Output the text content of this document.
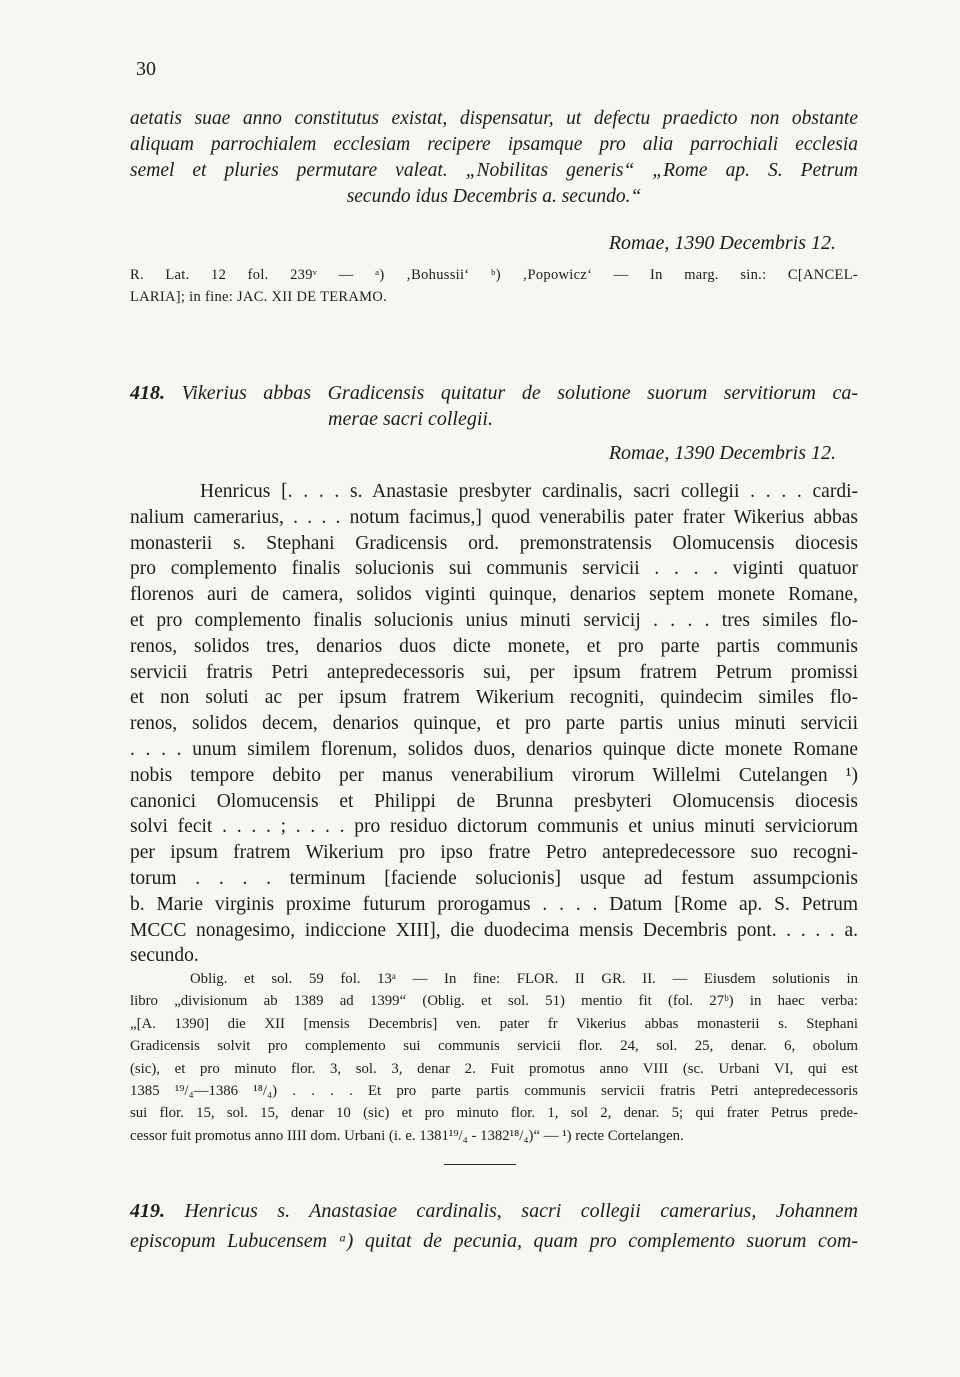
30
aetatis suae anno constitutus existat, dispensatur, ut defectu praedicto non obstante
aliquam parrochialem ecclesiam recipere ipsamque pro alia parrochiali ecclesia
semel et pluries permutare valeat. „Nobilitas generis“ „Rome ap. S. Petrum
secundo idus Decembris a. secundo.“
Romae, 1390 Decembris 12.
R. Lat. 12 fol. 239ᵛ — ᵃ) ‚Bohussii‘ ᵇ) ‚Popowicz‘ — In marg. sin.: C[ANCEL-
LARIA]; in fine: JAC. XII DE TERAMO.
418. Vikerius abbas Gradicensis quitatur de solutione suorum servitiorum ca-
merae sacri collegii.
Romae, 1390 Decembris 12.
Henricus [. . . . s. Anastasie presbyter cardinalis, sacri collegii . . . . cardi-
nalium camerarius, . . . . notum facimus,] quod venerabilis pater frater Wikerius abbas
monasterii s. Stephani Gradicensis ord. premonstratensis Olomucensis diocesis
pro complemento finalis solucionis sui communis servicii . . . . viginti quatuor
florenos auri de camera, solidos viginti quinque, denarios septem monete Romane,
et pro complemento finalis solucionis unius minuti servicij . . . . tres similes flo-
renos, solidos tres, denarios duos dicte monete, et pro parte partis communis
servicii fratris Petri antepredecessoris sui, per ipsum fratrem Petrum promissi
et non soluti ac per ipsum fratrem Wikerium recogniti, quindecim similes flo-
renos, solidos decem, denarios quinque, et pro parte partis unius minuti servicii
. . . . unum similem florenum, solidos duos, denarios quinque dicte monete Romane
nobis tempore debito per manus venerabilium virorum Willelmi Cutelangen ¹)
canonici Olomucensis et Philippi de Brunna presbyteri Olomucensis diocesis
solvi fecit . . . . ; . . . . pro residuo dictorum communis et unius minuti serviciorum
per ipsum fratrem Wikerium pro ipso fratre Petro antepredecessore suo recogni-
torum . . . . terminum [faciende solucionis] usque ad festum assumpcionis
b. Marie virginis proxime futurum prorogamus . . . . Datum [Rome ap. S. Petrum
MCCC nonagesimo, indiccione XIII], die duodecima mensis Decembris pont. . . . . a.
secundo.
Oblig. et sol. 59 fol. 13ᵃ — In fine: FLOR. II GR. II. — Eiusdem solutionis in
libro „divisionum ab 1389 ad 1399“ (Oblig. et sol. 51) mentio fit (fol. 27ᵇ) in haec verba:
„[A. 1390] die XII [mensis Decembris] ven. pater fr Vikerius abbas monasterii s. Stephani
Gradicensis solvit pro complemento sui communis servicii flor. 24, sol. 25, denar. 6, obolum
(sic), et pro minuto flor. 3, sol. 3, denar 2. Fuit promotus anno VIII (sc. Urbani VI, qui est
1385 ¹⁹/₄—1386 ¹⁸/₄) . . . . Et pro parte partis communis servicii fratris Petri antepredecessoris
sui flor. 15, sol. 15, denar 10 (sic) et pro minuto flor. 1, sol 2, denar. 5; qui frater Petrus prede-
cessor fuit promotus anno IIII dom. Urbani (i. e. 1381¹⁹/₄ - 1382¹⁸/₄)“ — ¹) recte Cortelangen.
419. Henricus s. Anastasiae cardinalis, sacri collegii camerarius, Johannem
episcopum Lubucensem ᵃ) quitat de pecunia, quam pro complemento suorum com-
